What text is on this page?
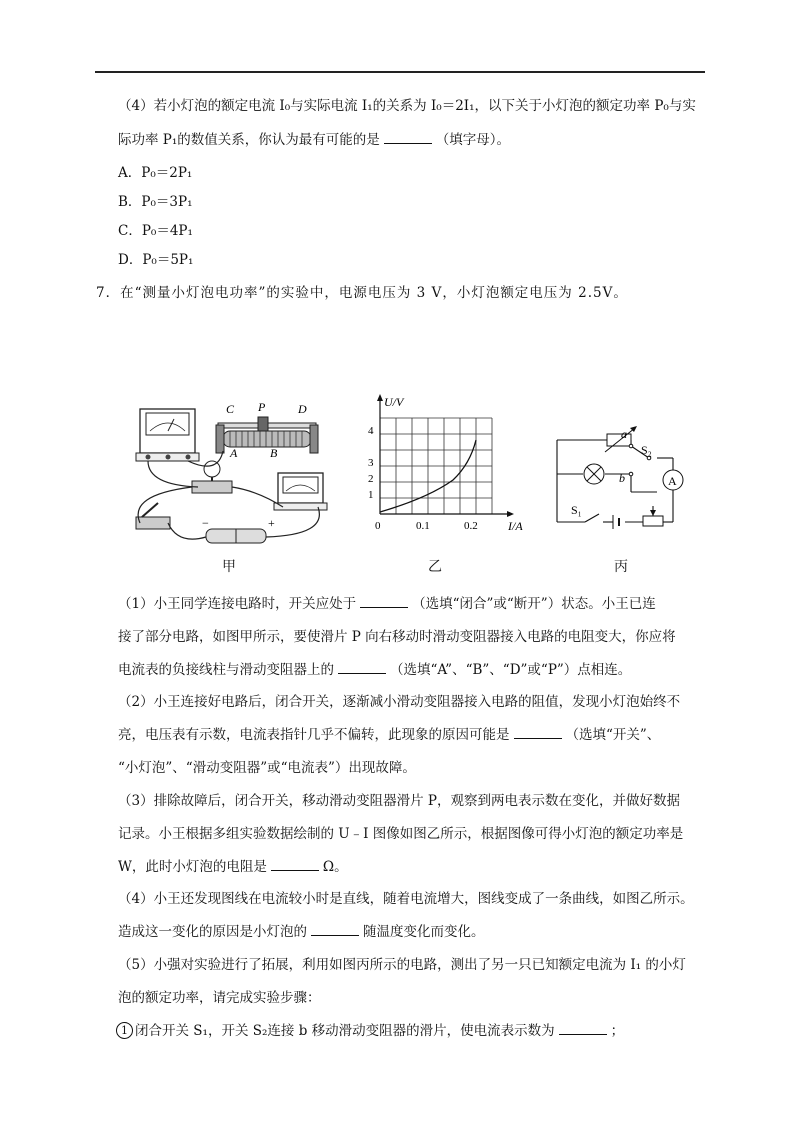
（4）若小灯泡的额定电流 I₀与实际电流 I₁的关系为 I₀＝2I₁，以下关于小灯泡的额定功率 P₀与实
际功率 P₁的数值关系，你认为最有可能的是	（填字母）。
A．P₀＝2P₁
B．P₀＝3P₁
C．P₀＝4P₁
D．P₀＝5P₁
7．在“测量小灯泡电功率”的实验中，电源电压为 3 V，小灯泡额定电压为 2.5V。
C P	D
A	B
−	+
甲
U/V
I/A
1
2
3
4
0	0.1	0.2
乙
A
a
S₂
b
S₁
丙
（1）小王同学连接电路时，开关应处于	（选填“闭合”或“断开”）状态。小王已连
接了部分电路，如图甲所示，要使滑片 P 向右移动时滑动变阻器接入电路的电阻变大，你应将
电流表的负接线柱与滑动变阻器上的	（选填“A”、“B”、“D”或“P”）点相连。
（2）小王连接好电路后，闭合开关，逐渐减小滑动变阻器接入电路的阻值，发现小灯泡始终不
亮，电压表有示数，电流表指针几乎不偏转，此现象的原因可能是	（选填“开关”、
“小灯泡”、“滑动变阻器”或“电流表”）出现故障。
（3）排除故障后，闭合开关，移动滑动变阻器滑片 P，观察到两电表示数在变化，并做好数据
记录。小王根据多组实验数据绘制的 U﹣I 图像如图乙所示，根据图像可得小灯泡的额定功率是
W，此时小灯泡的电阻是	Ω。
（4）小王还发现图线在电流较小时是直线，随着电流增大，图线变成了一条曲线，如图乙所示。
造成这一变化的原因是小灯泡的	随温度变化而变化。
（5）小强对实验进行了拓展，利用如图丙所示的电路，测出了另一只已知额定电流为 I₁ 的小灯
泡的额定功率，请完成实验步骤：
1 闭合开关 S₁，开关 S₂连接 b 移动滑动变阻器的滑片，使电流表示数为	；
